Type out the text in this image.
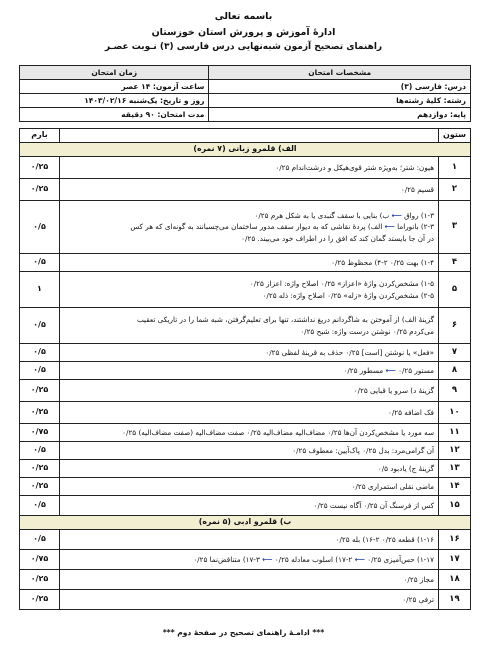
باسمه تعالی
ادارهٔ آموزش و پرورش استان خوزستان
راهنمای تصحیح آزمون شبه‌نهایی درس فارسی (۳) نـوبت عصـر
مشخصات امتحان	زمان امتحان
درس: فارسی (۳)	ساعت آزمون: ۱۴ عصر
رشته: کلیهٔ رشته‌ها	روز و تاریخ: یک‌شنبه ۱۴۰۳/۰۲/۱۶
پایه: دوازدهم	مدت امتحان: ۹۰ دقیقه
ستون		بارم
الف) قلمرو زبانی (۷ نمره)		
۱	هیون: شتر؛ به‌ویژه شتر قوی‌هیکل و درشت‌اندام ۰/۲۵	۰/۲۵
۲	قسیم ۰/۲۵	۰/۲۵
۳	۱-۳) رواق ⟵ ب) بنایی با سقف گنبدی یا به شکل هرم ۰/۲۵
۲-۳) بانوراما ⟵ الف) پردهٔ نقاشی که به دیوار سقف مدور ساختمان می‌چسبانند به گونه‌ای که هر کس
در آن جا بایستد گمان کند که افق را در اطراف خود می‌بیند. ۰/۲۵	۰/۵
۴	۱-۴) بهت ۰/۲۵ ۲-۴) محظوظ ۰/۲۵	۰/۵
۵	۱-۵) مشخص‌کردن واژهٔ «اعزاز» ۰/۲۵ اصلاح واژه: اعزاز ۰/۲۵
۲-۵) مشخص‌کردن واژهٔ «زله» ۰/۲۵ اصلاح واژه: ذله ۰/۲۵	۱
۶	گزینهٔ الف) از آموختن به شاگردانم دریغ نداشتند، تنها برای تعلیم‌گرفتن، شبه شما را در تاریکی تعقیب
می‌کردم ۰/۲۵ نوشتن درست واژه: شبح ۰/۲۵	۰/۵
۷	«فعل» یا نوشتن [است] ۰/۲۵ حذف به قرینهٔ لفظی ۰/۲۵	۰/۵
۸	مستور ۰/۲۵ ⟵ مسطور ۰/۲۵	۰/۵
۹	گزینهٔ د) سرو یا قبایی ۰/۲۵	۰/۲۵
۱۰	فک اضافه ۰/۲۵	۰/۲۵
۱۱	سه مورد یا مشخص‌کردن آن‌ها ۰/۲۵ مضاف‌الیه مضاف‌الیه ۰/۲۵ صفت مضاف‌الیه (صفت مضاف‌الیه) ۰/۲۵	۰/۷۵
۱۲	آن گرامی‌مرد: بدل ۰/۲۵ پاک‌آیین: معطوف ۰/۲۵	۰/۵
۱۳	گزینهٔ ج) یادبود ۰/۵	۰/۲۵
۱۴	ماضی نقلی استمراری ۰/۲۵	۰/۲۵
۱۵	کس از فرسنگ آن ۰/۲۵ آگاه نیست ۰/۲۵	۰/۵
ب) قلمرو ادبی (۵ نمره)		
۱۶	۱-۱۶) قطعه ۰/۲۵ ۲-۱۶) بله ۰/۲۵	۰/۵
۱۷	۱-۱۷) حس‌آمیزی ۰/۲۵ ⟵ ۲-۱۷) اسلوب معادله ۰/۲۵ ⟵ ۳-۱۷) متناقض‌نما ۰/۲۵	۰/۷۵
۱۸	مجاز ۰/۲۵	۰/۲۵
۱۹	ترفی ۰/۲۵	۰/۲۵
*** ادامـهٔ راهنمای تصحیح در صفحهٔ دوم ***
